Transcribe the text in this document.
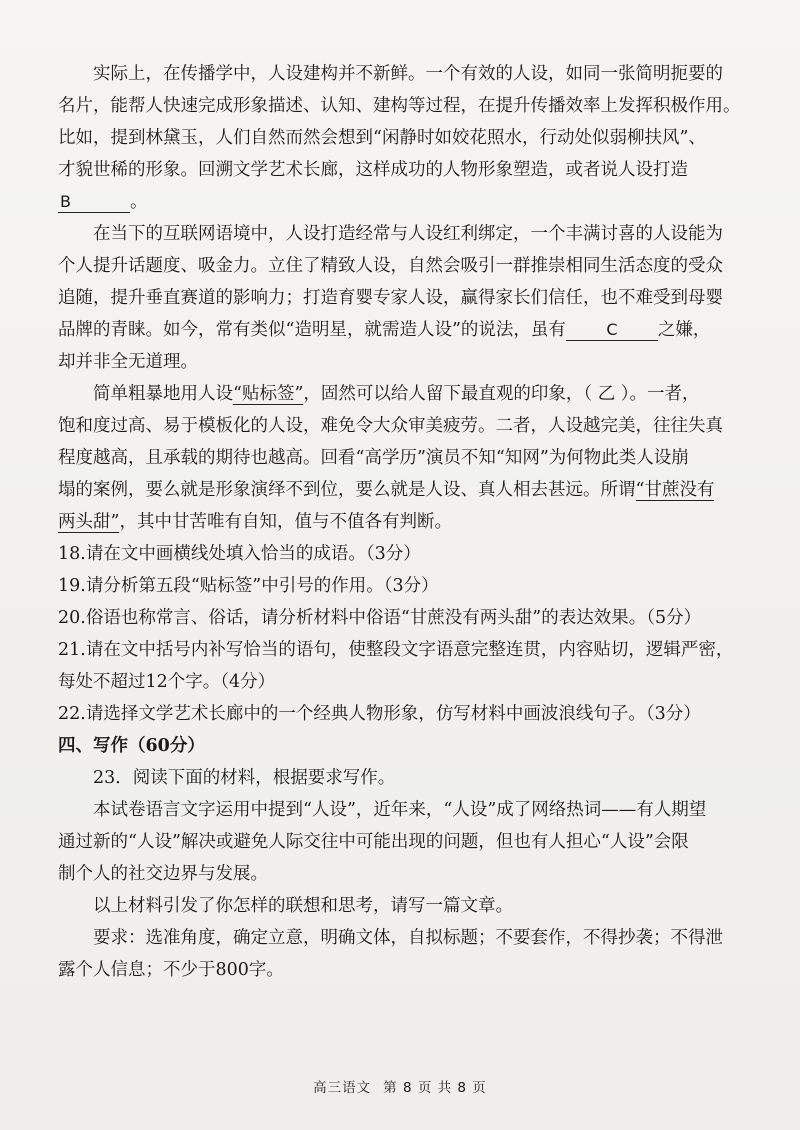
实际上，在传播学中，人设建构并不新鲜。一个有效的人设，如同一张简明扼要的
名片，能帮人快速完成形象描述、认知、建构等过程，在提升传播效率上发挥积极作用。
比如，提到林黛玉，人们自然而然会想到“闲静时如姣花照水，行动处似弱柳扶风”、
才貌世稀的形象。回溯文学艺术长廊，这样成功的人物形象塑造，或者说人设打造
B	。
在当下的互联网语境中，人设打造经常与人设红利绑定，一个丰满讨喜的人设能为
个人提升话题度、吸金力。立住了精致人设，自然会吸引一群推崇相同生活态度的受众
追随，提升垂直赛道的影响力；打造育婴专家人设，赢得家长们信任，也不难受到母婴
品牌的青睐。如今，常有类似“造明星，就需造人设”的说法，虽有	C 之嫌，
却并非全无道理。
简单粗暴地用人设“贴标签”，固然可以给人留下最直观的印象，（ 乙 ）。一者，
饱和度过高、易于模板化的人设，难免令大众审美疲劳。二者，人设越完美，往往失真
程度越高，且承载的期待也越高。回看“高学历”演员不知“知网”为何物此类人设崩
塌的案例，要么就是形象演绎不到位，要么就是人设、真人相去甚远。所谓“甘蔗没有
两头甜”，其中甘苦唯有自知，值与不值各有判断。
18.请在文中画横线处填入恰当的成语。（3分）
19.请分析第五段“贴标签”中引号的作用。（3分）
20.俗语也称常言、俗话，请分析材料中俗语“甘蔗没有两头甜”的表达效果。（5分）
21.请在文中括号内补写恰当的语句，使整段文字语意完整连贯，内容贴切，逻辑严密，
每处不超过12个字。（4分）
22.请选择文学艺术长廊中的一个经典人物形象，仿写材料中画波浪线句子。（3分）
四、写作（60分）
23．阅读下面的材料，根据要求写作。
本试卷语言文字运用中提到“人设”，近年来，“人设”成了网络热词——有人期望
通过新的“人设”解决或避免人际交往中可能出现的问题，但也有人担心“人设”会限
制个人的社交边界与发展。
以上材料引发了你怎样的联想和思考，请写一篇文章。
要求：选准角度，确定立意，明确文体，自拟标题；不要套作，不得抄袭；不得泄
露个人信息；不少于800字。
高三语文 第 8 页 共 8 页
